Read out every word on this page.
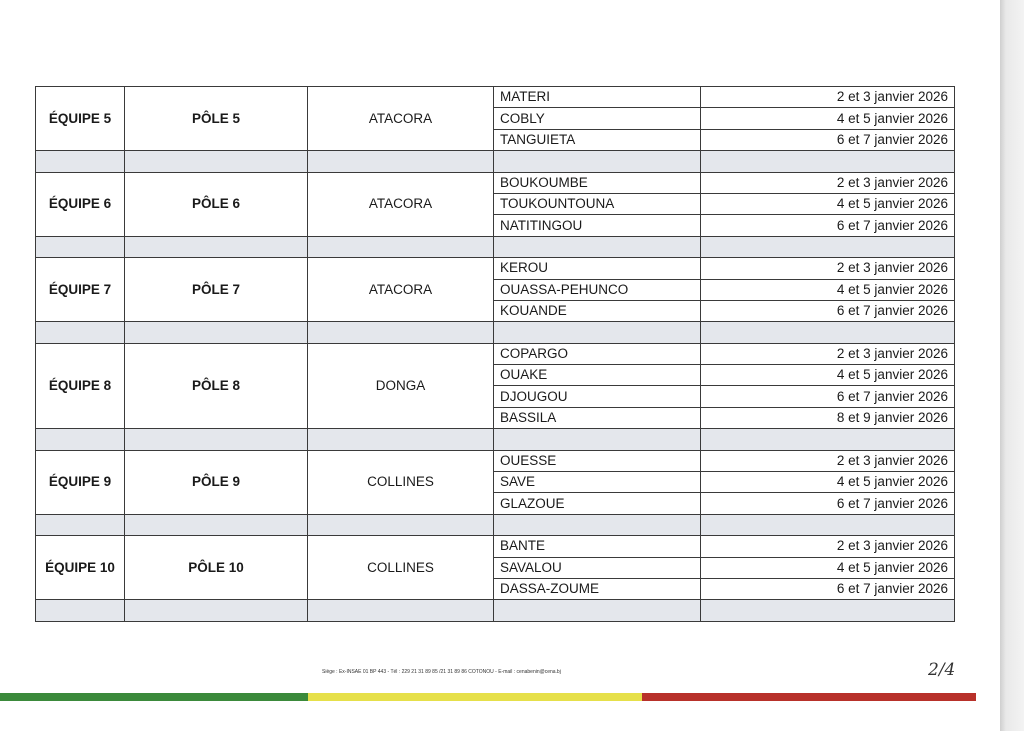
ÉQUIPE 5	PÔLE 5	ATACORA	MATERI	2 et 3 janvier 2026
			COBLY	4 et 5 janvier 2026
			TANGUIETA	6 et 7 janvier 2026

ÉQUIPE 6	PÔLE 6	ATACORA	BOUKOUMBE	2 et 3 janvier 2026
			TOUKOUNTOUNA	4 et 5 janvier 2026
			NATITINGOU	6 et 7 janvier 2026

ÉQUIPE 7	PÔLE 7	ATACORA	KEROU	2 et 3 janvier 2026
			OUASSA-PEHUNCO	4 et 5 janvier 2026
			KOUANDE	6 et 7 janvier 2026

ÉQUIPE 8	PÔLE 8	DONGA	COPARGO	2 et 3 janvier 2026
			OUAKE	4 et 5 janvier 2026
			DJOUGOU	6 et 7 janvier 2026
			BASSILA	8 et 9 janvier 2026

ÉQUIPE 9	PÔLE 9	COLLINES	OUESSE	2 et 3 janvier 2026
			SAVE	4 et 5 janvier 2026
			GLAZOUE	6 et 7 janvier 2026

ÉQUIPE 10	PÔLE 10	COLLINES	BANTE	2 et 3 janvier 2026
			SAVALOU	4 et 5 janvier 2026
			DASSA-ZOUME	6 et 7 janvier 2026

Siège : Ex-INSAE 01 BP 443 - Tél : 229 21 31 89 85 /21 31 89 86 COTONOU - E-mail : cenabenin@cena.bj	2/4
